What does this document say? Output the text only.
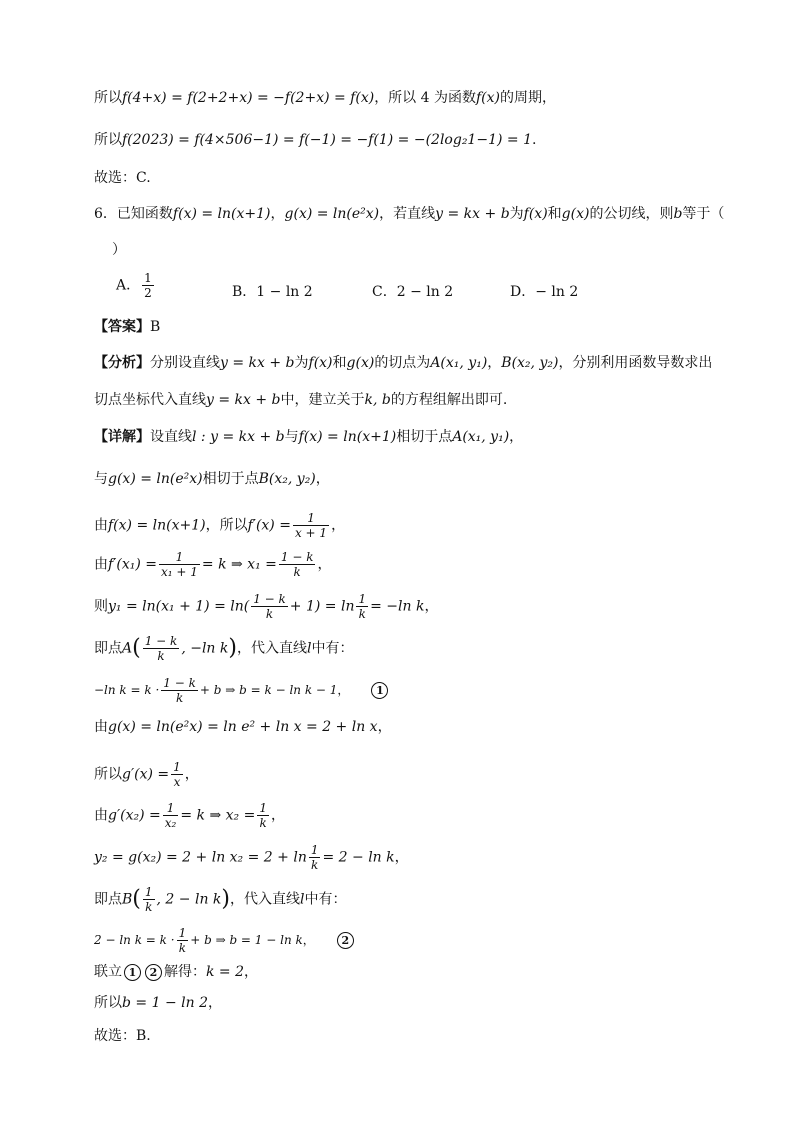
所以f(4+x) = f(2+2+x) = −f(2+x) = f(x)，所以 4 为函数f(x)的周期，
所以f(2023) = f(4×506−1) = f(−1) = −f(1) = −(2log₂1−1) = 1.
故选：C.
6．已知函数f(x) = ln(x+1)，g(x) = ln(e²x)，若直线y = kx + b为f(x)和g(x)的公切线，则b等于（
）
A． $\frac{1}{2}$	B．1 − ln 2	C．2 − ln 2	D．− ln 2
【答案】B
【分析】分别设直线y = kx + b为f(x)和g(x)的切点为A(x₁, y₁)，B(x₂, y₂)，分别利用函数导数求出
切点坐标代入直线y = kx + b中，建立关于k, b的方程组解出即可.
【详解】设直线l : y = kx + b与f(x) = ln(x+1)相切于点A(x₁, y₁)，
与g(x) = ln(e²x)相切于点B(x₂, y₂)，
由f(x) = ln(x+1)，所以$f'(x) = \frac{1}{x + 1}$ ，
由$f'(x_1) = \frac{1}{\text{x₁ + 1}} = k$ ⇒ $x_1 = \frac{1 - k}{k}$ ，
则$y_1 = \ln(x_1 + 1) = \ln( \frac{1 - k}{k} + 1) = \ln \frac{1}{k} = -\ln$ k，
即点$A( \frac{1 - k}{k}$ , −ln k)，代入直线l中有：
−ln $k = k \cdot \frac{1 - k}{k} + b$ ⇒ b = k − ln k − 1， 1
由g(x) = ln(e²x) = ln e² + ln x = 2 + ln x，
所以$g'(x) = \frac{1}{x}$ ，
由$g'(x_2) = \frac{1}{\text{x₂}} = k$ ⇒ $x_2 = \frac{1}{k}$ ，
$y_2 = g(x_2) = 2 + \ln x_2 = 2 + \ln \frac{1}{k} = 2 - \ln k$，
即点$B( \frac{1}{k}$ , 2 − ln k)，代入直线l中有：
$2 - \ln k = k \cdot \frac{1}{k} + b$ ⇒ b = 1 − ln k， 2
联立 1 2 解得：k = 2，
所以b = 1 − ln 2，
故选：B.
